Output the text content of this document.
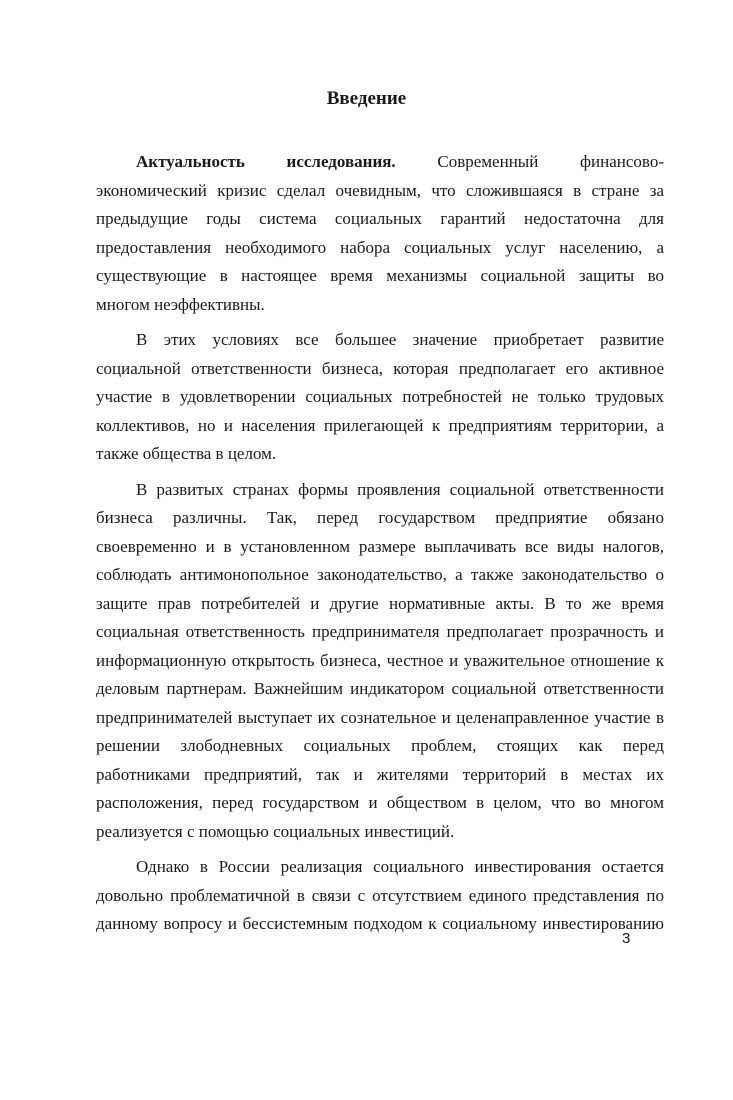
Введение
Актуальность исследования. Современный финансово-
экономический кризис сделал очевидным, что сложившаяся в стране за
предыдущие годы система социальных гарантий недостаточна для
предоставления необходимого набора социальных услуг населению, а
существующие в настоящее время механизмы социальной защиты во
многом неэффективны.
В этих условиях все большее значение приобретает развитие
социальной ответственности бизнеса, которая предполагает его активное
участие в удовлетворении социальных потребностей не только трудовых
коллективов, но и населения прилегающей к предприятиям территории, а
также общества в целом.
В развитых странах формы проявления социальной ответственности
бизнеса различны. Так, перед государством предприятие обязано
своевременно и в установленном размере выплачивать все виды налогов,
соблюдать антимонопольное законодательство, а также законодательство о
защите прав потребителей и другие нормативные акты. В то же время
социальная ответственность предпринимателя предполагает прозрачность и
информационную открытость бизнеса, честное и уважительное отношение к
деловым партнерам. Важнейшим индикатором социальной ответственности
предпринимателей выступает их сознательное и целенаправленное участие в
решении злободневных социальных проблем, стоящих как перед
работниками предприятий, так и жителями территорий в местах их
расположения, перед государством и обществом в целом, что во многом
реализуется с помощью социальных инвестиций.
Однако в России реализация социального инвестирования остается
довольно проблематичной в связи с отсутствием единого представления по
данному вопросу и бессистемным подходом к социальному инвестированию
3
